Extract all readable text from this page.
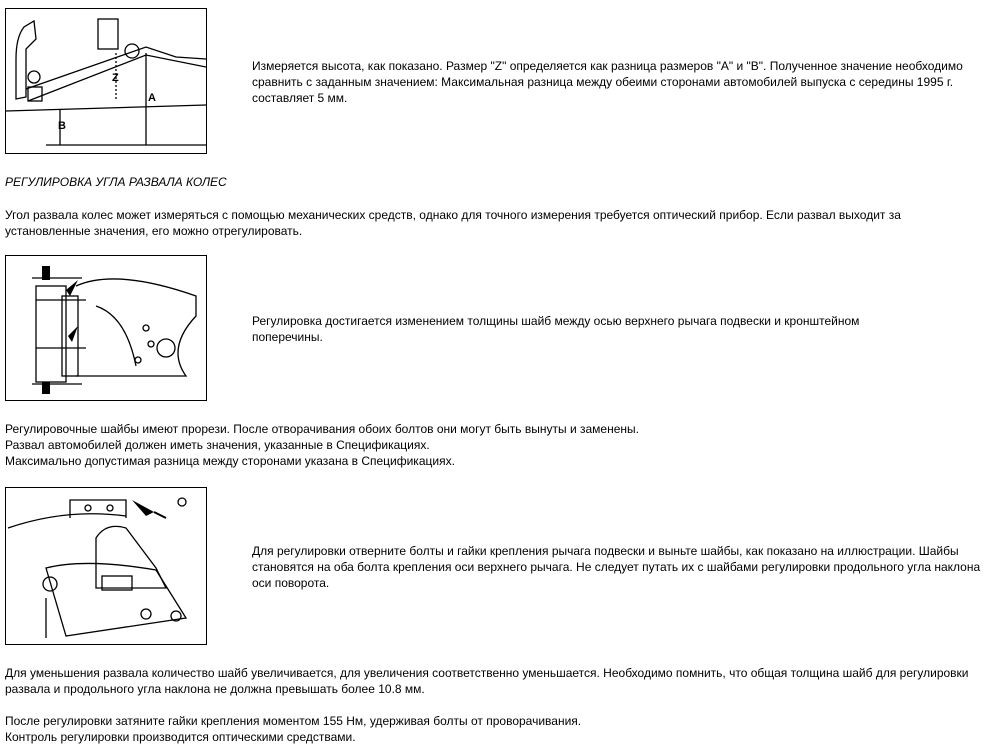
Z
A
B
Измеряется высота, как показано. Размер "Z" определяется как разница размеров "A" и "B". Полученное значение необходимо сравнить с заданным значением: Максимальная разница между обеими сторонами автомобилей выпуска с середины 1995 г. составляет 5 мм.
РЕГУЛИРОВКА УГЛА РАЗВАЛА КОЛЕС
Угол развала колес может измеряться с помощью механических средств, однако для точного измерения требуется оптический прибор. Если развал выходит за установленные значения, его можно отрегулировать.
Регулировка достигается изменением толщины шайб между осью верхнего рычага подвески и кронштейном поперечины.
Регулировочные шайбы имеют прорези. После отворачивания обоих болтов они могут быть вынуты и заменены.
Развал автомобилей должен иметь значения, указанные в Спецификациях.
Максимально допустимая разница между сторонами указана в Спецификациях.
Для регулировки отверните болты и гайки крепления рычага подвески и выньте шайбы, как показано на иллюстрации. Шайбы становятся на оба болта крепления оси верхнего рычага. Не следует путать их с шайбами регулировки продольного угла наклона оси поворота.
Для уменьшения развала количество шайб увеличивается, для увеличения соответственно уменьшается. Необходимо помнить, что общая толщина шайб для регулировки развала и продольного угла наклона не должна превышать более 10.8 мм.
После регулировки затяните гайки крепления моментом 155 Нм, удерживая болты от проворачивания.
Контроль регулировки производится оптическими средствами.
